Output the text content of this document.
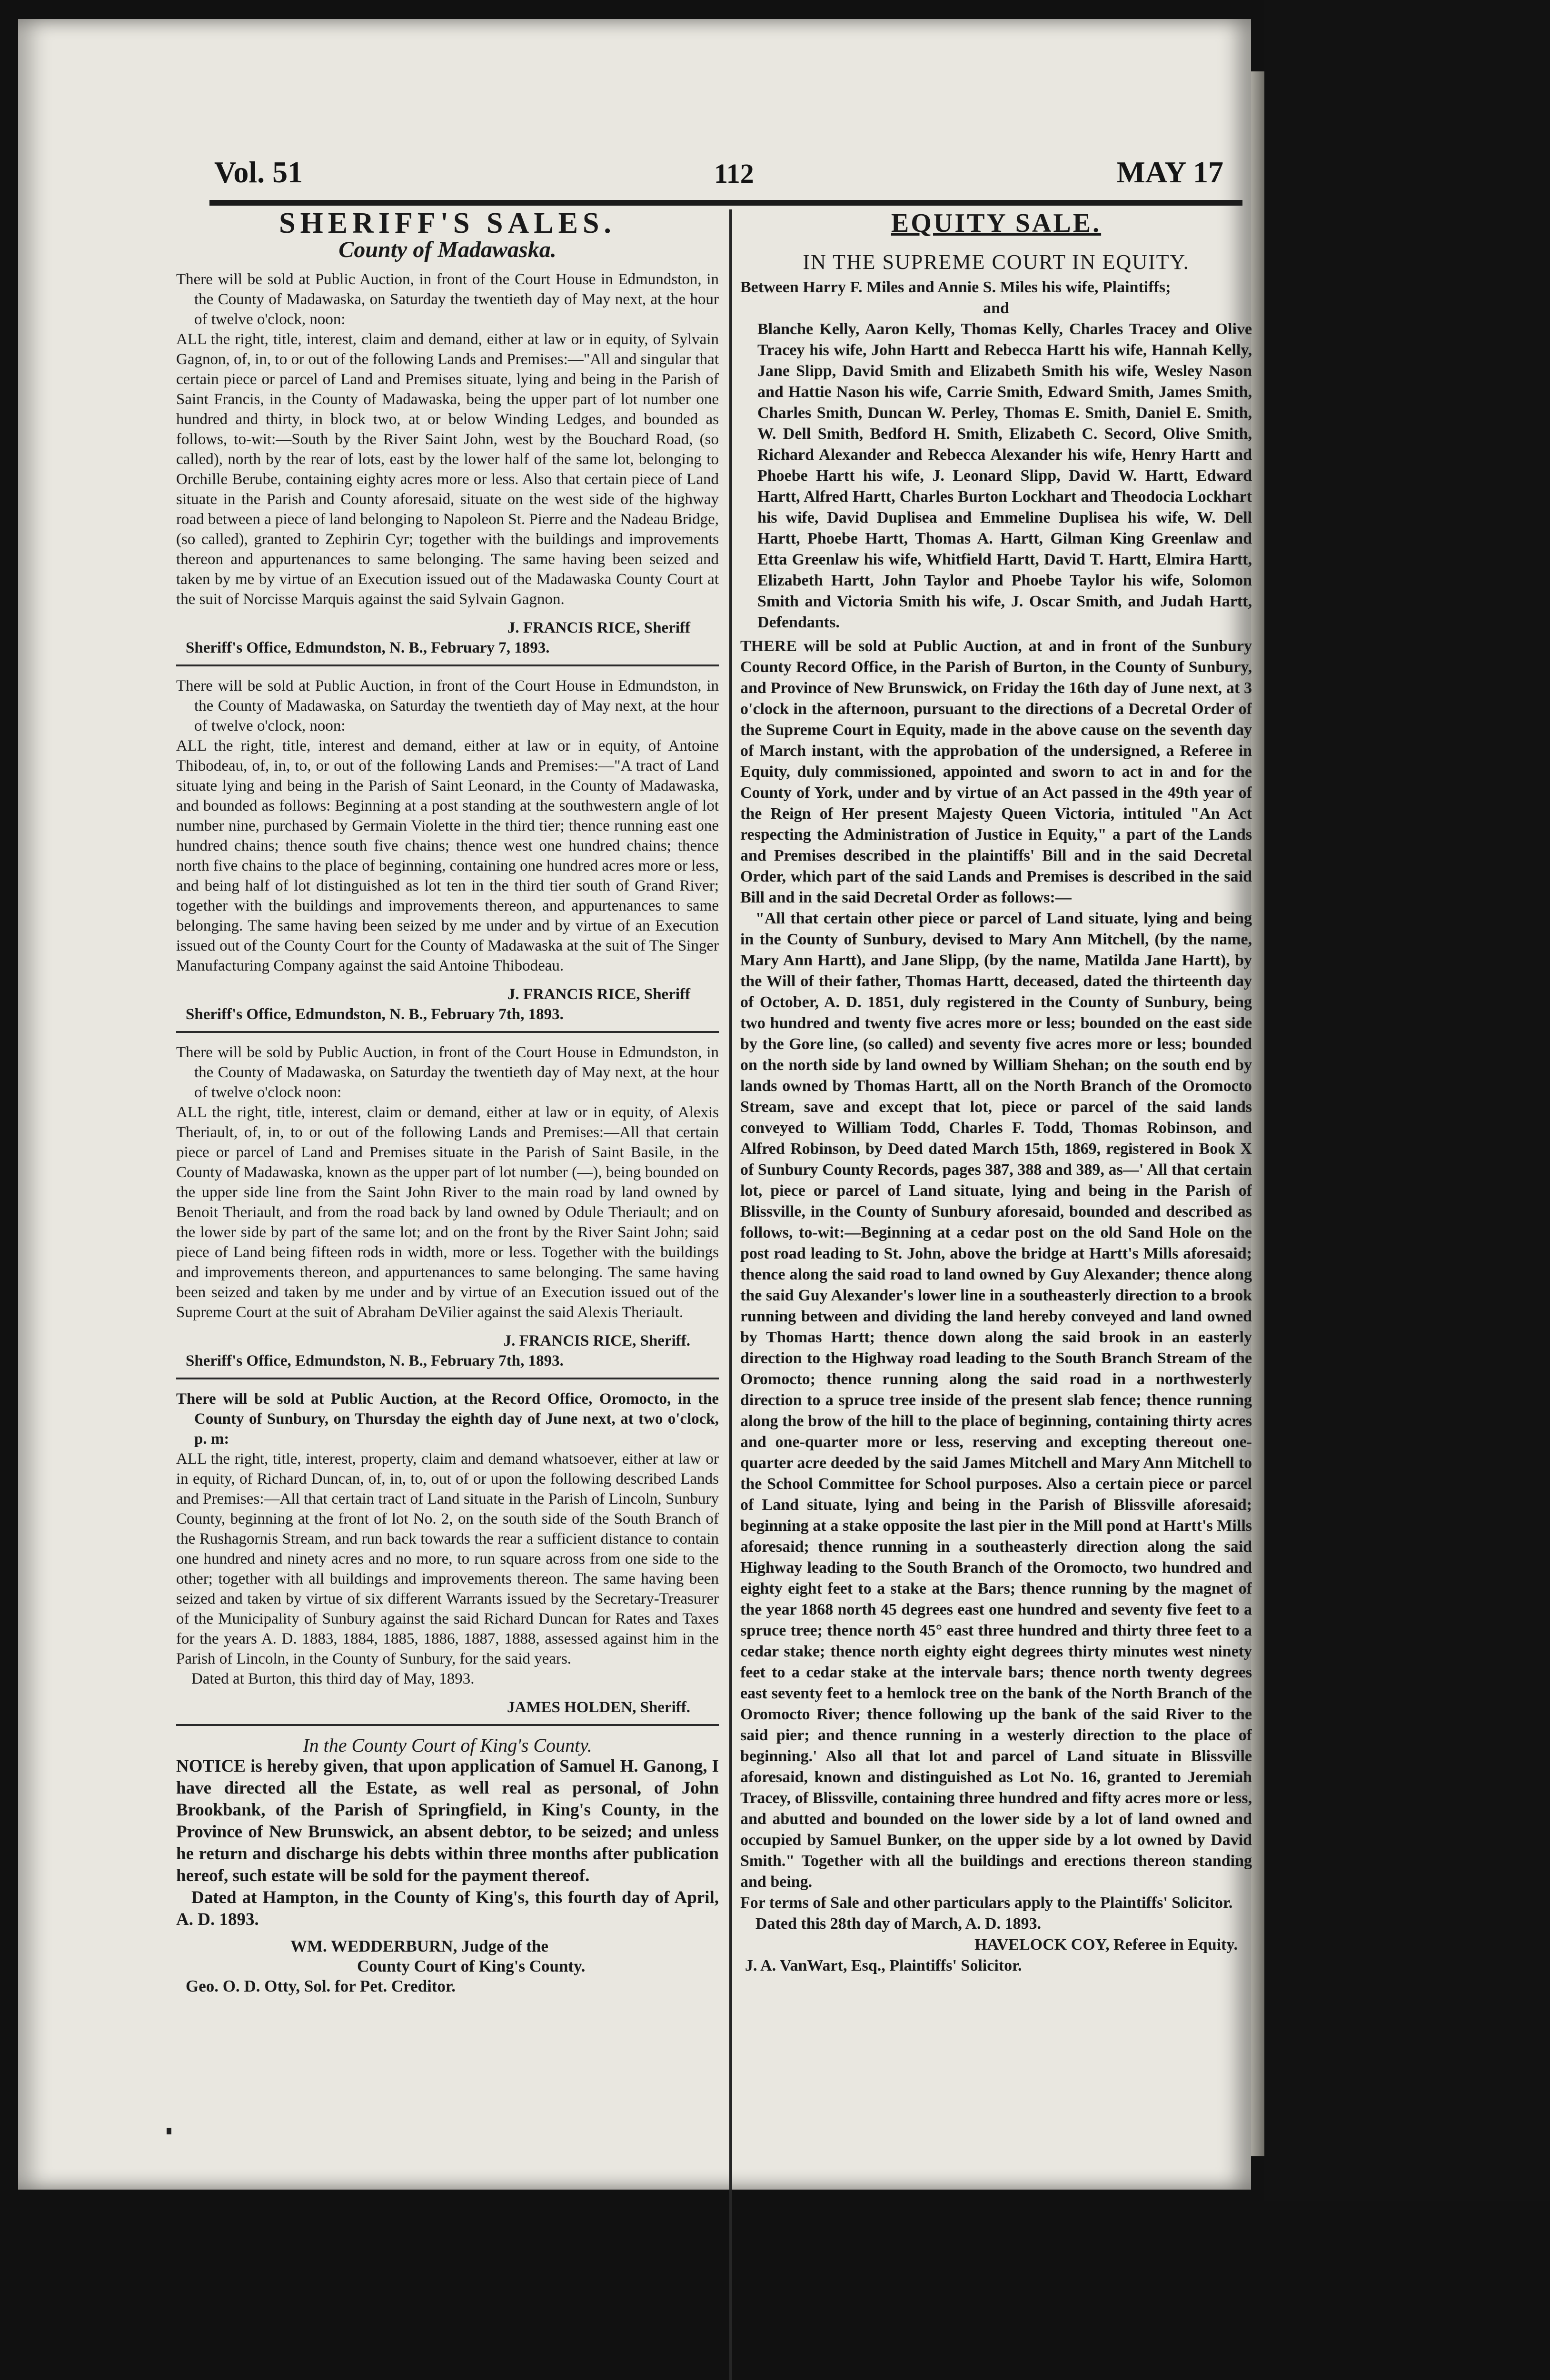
Vol. 51	112	MAY 17
SHERIFF'S SALES.
County of Madawaska.

There will be sold at Public Auction, in front of the Court House in Edmundston, in the County of Madawaska, on Saturday the twentieth day of May next, at the hour of twelve o'clock, noon:

ALL the right, title, interest, claim and demand, either at law or in equity, of Sylvain Gagnon, of, in, to or out of the following Lands and Premises:—"All and singular that certain piece or parcel of Land and Premises situate, lying and being in the Parish of Saint Francis, in the County of Madawaska, being the upper part of lot number one hundred and thirty, in block two, at or below Winding Ledges, and bounded as follows, to-wit:—South by the River Saint John, west by the Bouchard Road, (so called), north by the rear of lots, east by the lower half of the same lot, belonging to Orchille Berube, containing eighty acres more or less. Also that certain piece of Land situate in the Parish and County aforesaid, situate on the west side of the highway road between a piece of land belonging to Napoleon St. Pierre and the Nadeau Bridge, (so called), granted to Zephirin Cyr; together with the buildings and improvements thereon and appurtenances to same belonging. The same having been seized and taken by me by virtue of an Execution issued out of the Madawaska County Court at the suit of Norcisse Marquis against the said Sylvain Gagnon.

J. FRANCIS RICE, Sheriff
Sheriff's Office, Edmundston, N. B., February 7, 1893.

There will be sold at Public Auction, in front of the Court House in Edmundston, in the County of Madawaska, on Saturday the twentieth day of May next, at the hour of twelve o'clock, noon:

ALL the right, title, interest and demand, either at law or in equity, of Antoine Thibodeau, of, in, to, or out of the following Lands and Premises:—"A tract of Land situate lying and being in the Parish of Saint Leonard, in the County of Madawaska, and bounded as follows: Beginning at a post standing at the southwestern angle of lot number nine, purchased by Germain Violette in the third tier; thence running east one hundred chains; thence south five chains; thence west one hundred chains; thence north five chains to the place of beginning, containing one hundred acres more or less, and being half of lot distinguished as lot ten in the third tier south of Grand River; together with the buildings and improvements thereon, and appurtenances to same belonging. The same having been seized by me under and by virtue of an Execution issued out of the County Court for the County of Madawaska at the suit of The Singer Manufacturing Company against the said Antoine Thibodeau.

J. FRANCIS RICE, Sheriff
Sheriff's Office, Edmundston, N. B., February 7th, 1893.

There will be sold by Public Auction, in front of the Court House in Edmundston, in the County of Madawaska, on Saturday the twentieth day of May next, at the hour of twelve o'clock noon:

ALL the right, title, interest, claim or demand, either at law or in equity, of Alexis Theriault, of, in, to or out of the following Lands and Premises:—All that certain piece or parcel of Land and Premises situate in the Parish of Saint Basile, in the County of Madawaska, known as the upper part of lot number (—), being bounded on the upper side line from the Saint John River to the main road by land owned by Benoit Theriault, and from the road back by land owned by Odule Theriault; and on the lower side by part of the same lot; and on the front by the River Saint John; said piece of Land being fifteen rods in width, more or less. Together with the buildings and improvements thereon, and appurtenances to same belonging. The same having been seized and taken by me under and by virtue of an Execution issued out of the Supreme Court at the suit of Abraham DeVilier against the said Alexis Theriault.

J. FRANCIS RICE, Sheriff.
Sheriff's Office, Edmundston, N. B., February 7th, 1893.

There will be sold at Public Auction, at the Record Office, Oromocto, in the County of Sunbury, on Thursday the eighth day of June next, at two o'clock, p. m:

ALL the right, title, interest, property, claim and demand whatsoever, either at law or in equity, of Richard Duncan, of, in, to, out of or upon the following described Lands and Premises:—All that certain tract of Land situate in the Parish of Lincoln, Sunbury County, beginning at the front of lot No. 2, on the south side of the South Branch of the Rushagornis Stream, and run back towards the rear a sufficient distance to contain one hundred and ninety acres and no more, to run square across from one side to the other; together with all buildings and improvements thereon. The same having been seized and taken by virtue of six different Warrants issued by the Secretary-Treasurer of the Municipality of Sunbury against the said Richard Duncan for Rates and Taxes for the years A. D. 1883, 1884, 1885, 1886, 1887, 1888, assessed against him in the Parish of Lincoln, in the County of Sunbury, for the said years.

Dated at Burton, this third day of May, 1893.

JAMES HOLDEN, Sheriff.
In the County Court of King's County.

NOTICE is hereby given, that upon application of Samuel H. Ganong, I have directed all the Estate, as well real as personal, of John Brookbank, of the Parish of Springfield, in King's County, in the Province of New Brunswick, an absent debtor, to be seized; and unless he return and discharge his debts within three months after publication hereof, such estate will be sold for the payment thereof.

Dated at Hampton, in the County of King's, this fourth day of April, A. D. 1893.

WM. WEDDERBURN, Judge of the
County Court of King's County.
Geo. O. D. Otty, Sol. for Pet. Creditor.
EQUITY SALE.
IN THE SUPREME COURT IN EQUITY.

Between Harry F. Miles and Annie S. Miles his wife, Plaintiffs;

and

Blanche Kelly, Aaron Kelly, Thomas Kelly, Charles Tracey and Olive Tracey his wife, John Hartt and Rebecca Hartt his wife, Hannah Kelly, Jane Slipp, David Smith and Elizabeth Smith his wife, Wesley Nason and Hattie Nason his wife, Carrie Smith, Edward Smith, James Smith, Charles Smith, Duncan W. Perley, Thomas E. Smith, Daniel E. Smith, W. Dell Smith, Bedford H. Smith, Elizabeth C. Secord, Olive Smith, Richard Alexander and Rebecca Alexander his wife, Henry Hartt and Phoebe Hartt his wife, J. Leonard Slipp, David W. Hartt, Edward Hartt, Alfred Hartt, Charles Burton Lockhart and Theodocia Lockhart his wife, David Duplisea and Emmeline Duplisea his wife, W. Dell Hartt, Phoebe Hartt, Thomas A. Hartt, Gilman King Greenlaw and Etta Greenlaw his wife, Whitfield Hartt, David T. Hartt, Elmira Hartt, Elizabeth Hartt, John Taylor and Phoebe Taylor his wife, Solomon Smith and Victoria Smith his wife, J. Oscar Smith, and Judah Hartt, Defendants.

THERE will be sold at Public Auction, at and in front of the Sunbury County Record Office, in the Parish of Burton, in the County of Sunbury, and Province of New Brunswick, on Friday the 16th day of June next, at 3 o'clock in the afternoon, pursuant to the directions of a Decretal Order of the Supreme Court in Equity, made in the above cause on the seventh day of March instant, with the approbation of the undersigned, a Referee in Equity, duly commissioned, appointed and sworn to act in and for the County of York, under and by virtue of an Act passed in the 49th year of the Reign of Her present Majesty Queen Victoria, intituled "An Act respecting the Administration of Justice in Equity," a part of the Lands and Premises described in the plaintiffs' Bill and in the said Decretal Order, which part of the said Lands and Premises is described in the said Bill and in the said Decretal Order as follows:—

"All that certain other piece or parcel of Land situate, lying and being in the County of Sunbury, devised to Mary Ann Mitchell, (by the name, Mary Ann Hartt), and Jane Slipp, (by the name, Matilda Jane Hartt), by the Will of their father, Thomas Hartt, deceased, dated the thirteenth day of October, A. D. 1851, duly registered in the County of Sunbury, being two hundred and twenty five acres more or less; bounded on the east side by the Gore line, (so called) and seventy five acres more or less; bounded on the north side by land owned by William Shehan; on the south end by lands owned by Thomas Hartt, all on the North Branch of the Oromocto Stream, save and except that lot, piece or parcel of the said lands conveyed to William Todd, Charles F. Todd, Thomas Robinson, and Alfred Robinson, by Deed dated March 15th, 1869, registered in Book X of Sunbury County Records, pages 387, 388 and 389, as—' All that certain lot, piece or parcel of Land situate, lying and being in the Parish of Blissville, in the County of Sunbury aforesaid, bounded and described as follows, to-wit:—Beginning at a cedar post on the old Sand Hole on the post road leading to St. John, above the bridge at Hartt's Mills aforesaid; thence along the said road to land owned by Guy Alexander; thence along the said Guy Alexander's lower line in a southeasterly direction to a brook running between and dividing the land hereby conveyed and land owned by Thomas Hartt; thence down along the said brook in an easterly direction to the Highway road leading to the South Branch Stream of the Oromocto; thence running along the said road in a northwesterly direction to a spruce tree inside of the present slab fence; thence running along the brow of the hill to the place of beginning, containing thirty acres and one-quarter more or less, reserving and excepting thereout one-quarter acre deeded by the said James Mitchell and Mary Ann Mitchell to the School Committee for School purposes. Also a certain piece or parcel of Land situate, lying and being in the Parish of Blissville aforesaid; beginning at a stake opposite the last pier in the Mill pond at Hartt's Mills aforesaid; thence running in a southeasterly direction along the said Highway leading to the South Branch of the Oromocto, two hundred and eighty eight feet to a stake at the Bars; thence running by the magnet of the year 1868 north 45 degrees east one hundred and seventy five feet to a spruce tree; thence north 45° east three hundred and thirty three feet to a cedar stake; thence north eighty eight degrees thirty minutes west ninety feet to a cedar stake at the intervale bars; thence north twenty degrees east seventy feet to a hemlock tree on the bank of the North Branch of the Oromocto River; thence following up the bank of the said River to the said pier; and thence running in a westerly direction to the place of beginning.' Also all that lot and parcel of Land situate in Blissville aforesaid, known and distinguished as Lot No. 16, granted to Jeremiah Tracey, of Blissville, containing three hundred and fifty acres more or less, and abutted and bounded on the lower side by a lot of land owned and occupied by Samuel Bunker, on the upper side by a lot owned by David Smith." Together with all the buildings and erections thereon standing and being.

For terms of Sale and other particulars apply to the Plaintiffs' Solicitor.

Dated this 28th day of March, A. D. 1893.

HAVELOCK COY, Referee in Equity.
J. A. VanWart, Esq., Plaintiffs' Solicitor.
